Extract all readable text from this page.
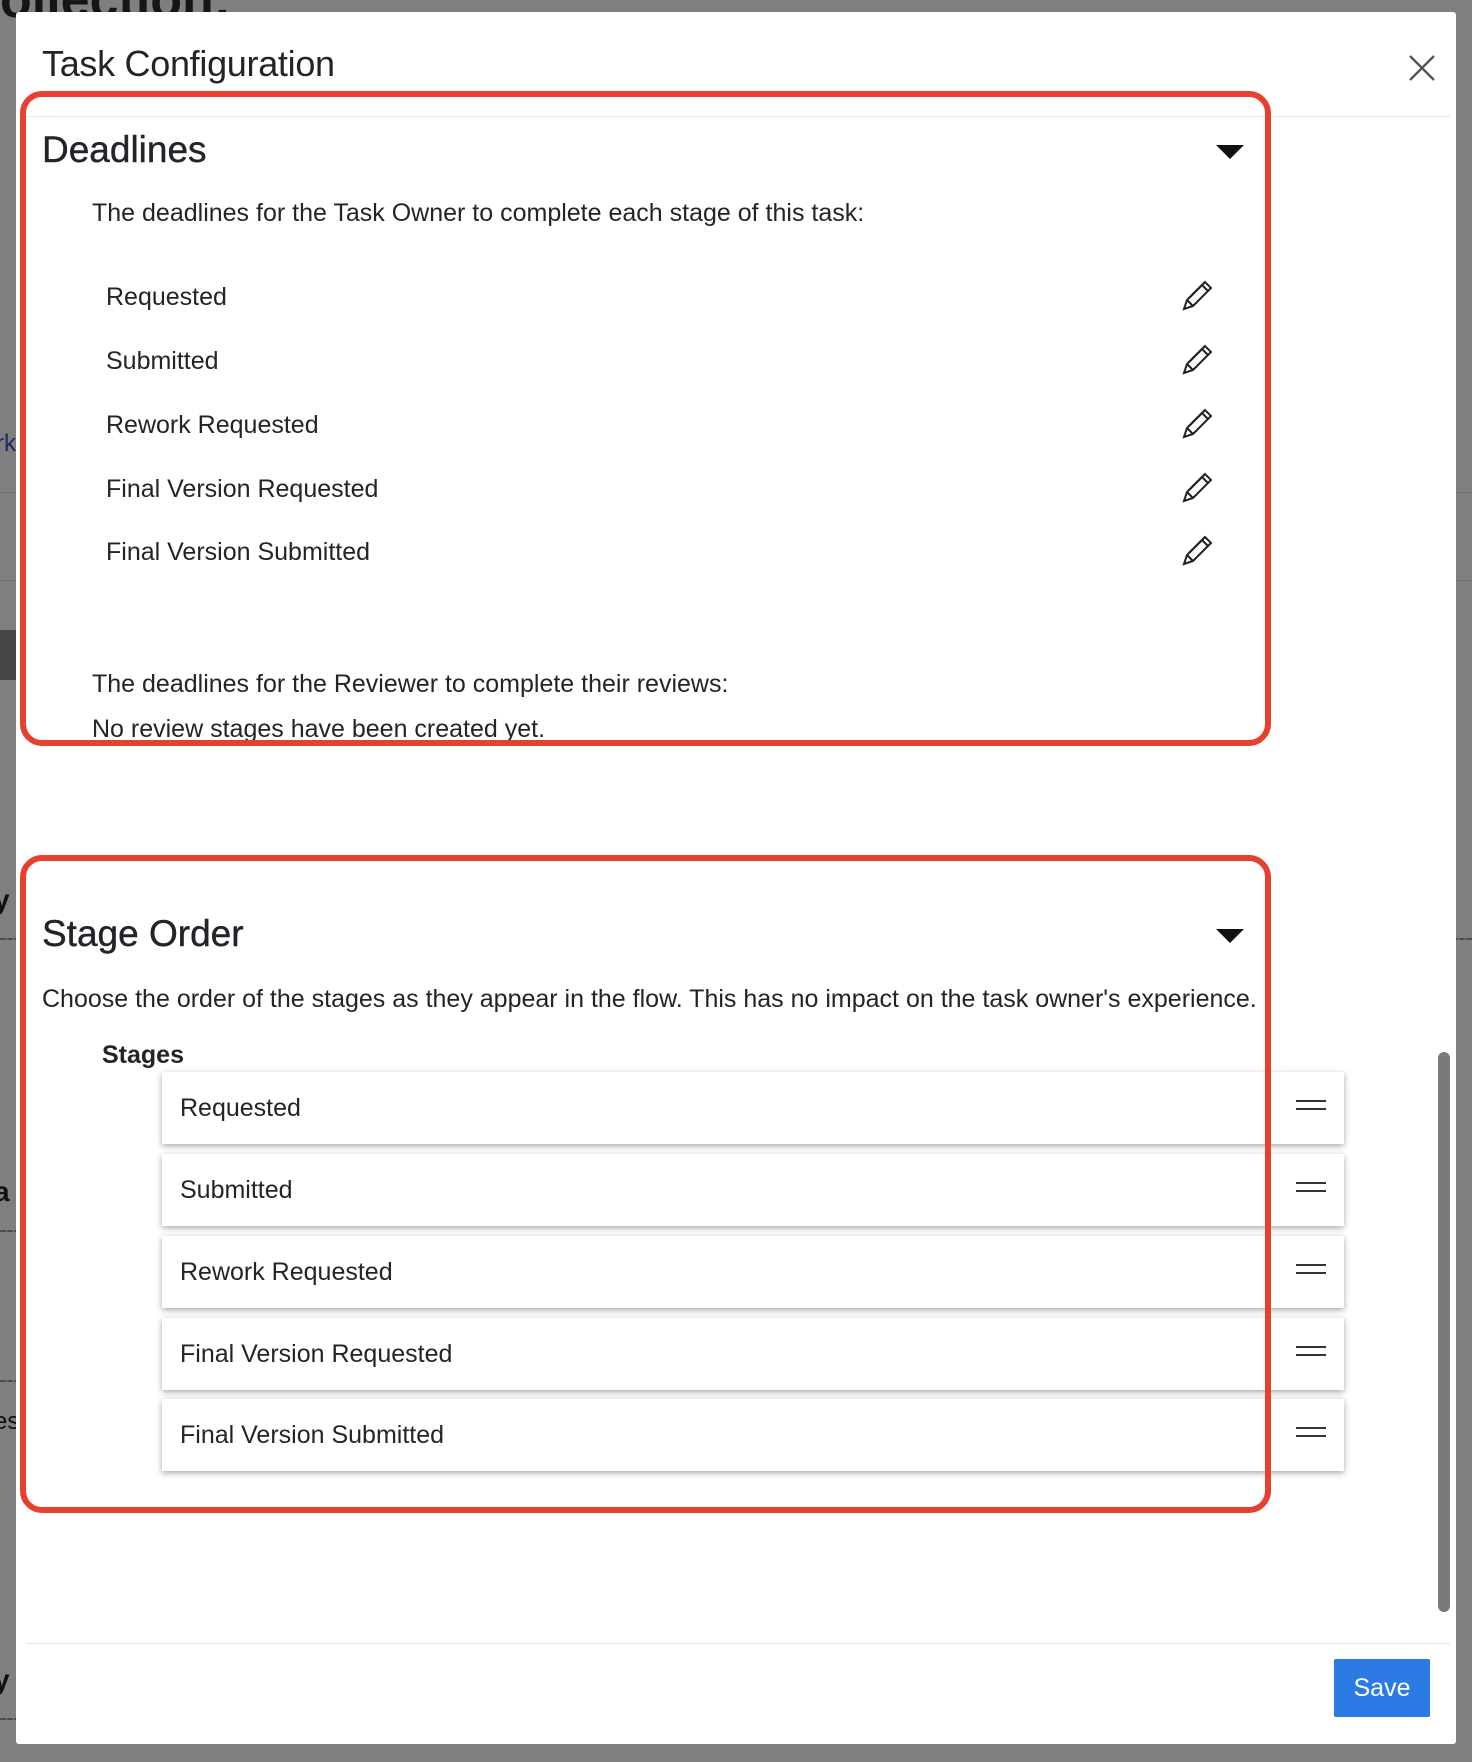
Task Configuration
Deadlines
The deadlines for the Task Owner to complete each stage of this task:
Requested
Submitted
Rework Requested
Final Version Requested
Final Version Submitted
The deadlines for the Reviewer to complete their reviews:
No review stages have been created yet.
Stage Order
Choose the order of the stages as they appear in the flow. This has no impact on the task owner's experience.
Stages
Requested
Submitted
Rework Requested
Final Version Requested
Final Version Submitted
Save
